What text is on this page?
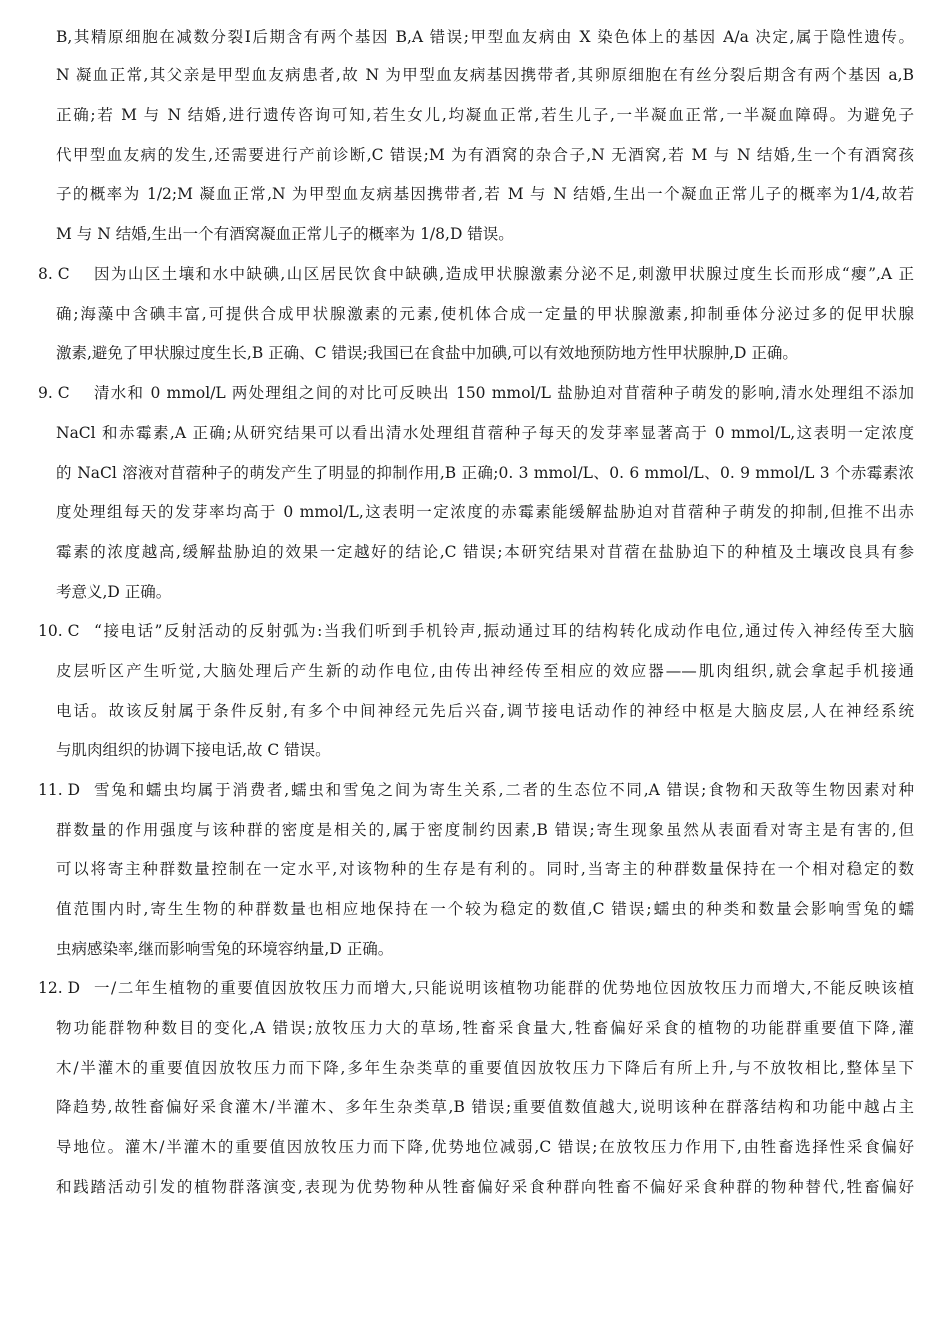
B,其精原细胞在减数分裂Ⅰ后期含有两个基因 B,A 错误;甲型血友病由 X 染色体上的基因 A/a 决定,属于隐性遗传。
N 凝血正常,其父亲是甲型血友病患者,故 N 为甲型血友病基因携带者,其卵原细胞在有丝分裂后期含有两个基因 a,B
正确;若 M 与 N 结婚,进行遗传咨询可知,若生女儿,均凝血正常,若生儿子,一半凝血正常,一半凝血障碍。为避免子
代甲型血友病的发生,还需要进行产前诊断,C 错误;M 为有酒窝的杂合子,N 无酒窝,若 M 与 N 结婚,生一个有酒窝孩
子的概率为 1/2;M 凝血正常,N 为甲型血友病基因携带者,若 M 与 N 结婚,生出一个凝血正常儿子的概率为1/4,故若
M 与 N 结婚,生出一个有酒窝凝血正常儿子的概率为 1/8,D 错误。
8. C 因为山区土壤和水中缺碘,山区居民饮食中缺碘,造成甲状腺激素分泌不足,刺激甲状腺过度生长而形成“瘿”,A 正
确;海藻中含碘丰富,可提供合成甲状腺激素的元素,使机体合成一定量的甲状腺激素,抑制垂体分泌过多的促甲状腺
激素,避免了甲状腺过度生长,B 正确、C 错误;我国已在食盐中加碘,可以有效地预防地方性甲状腺肿,D 正确。
9. C 清水和 0 mmol/L 两处理组之间的对比可反映出 150 mmol/L 盐胁迫对苜蓿种子萌发的影响,清水处理组不添加
NaCl 和赤霉素,A 正确;从研究结果可以看出清水处理组苜蓿种子每天的发芽率显著高于 0 mmol/L,这表明一定浓度
的 NaCl 溶液对苜蓿种子的萌发产生了明显的抑制作用,B 正确;0. 3 mmol/L、0. 6 mmol/L、0. 9 mmol/L 3 个赤霉素浓
度处理组每天的发芽率均高于 0 mmol/L,这表明一定浓度的赤霉素能缓解盐胁迫对苜蓿种子萌发的抑制,但推不出赤
霉素的浓度越高,缓解盐胁迫的效果一定越好的结论,C 错误;本研究结果对苜蓿在盐胁迫下的种植及土壤改良具有参
考意义,D 正确。
10. C “接电话”反射活动的反射弧为:当我们听到手机铃声,振动通过耳的结构转化成动作电位,通过传入神经传至大脑
皮层听区产生听觉,大脑处理后产生新的动作电位,由传出神经传至相应的效应器——肌肉组织,就会拿起手机接通
电话。故该反射属于条件反射,有多个中间神经元先后兴奋,调节接电话动作的神经中枢是大脑皮层,人在神经系统
与肌肉组织的协调下接电话,故 C 错误。
11. D 雪兔和蠕虫均属于消费者,蠕虫和雪兔之间为寄生关系,二者的生态位不同,A 错误;食物和天敌等生物因素对种
群数量的作用强度与该种群的密度是相关的,属于密度制约因素,B 错误;寄生现象虽然从表面看对寄主是有害的,但
可以将寄主种群数量控制在一定水平,对该物种的生存是有利的。同时,当寄主的种群数量保持在一个相对稳定的数
值范围内时,寄生生物的种群数量也相应地保持在一个较为稳定的数值,C 错误;蠕虫的种类和数量会影响雪兔的蠕
虫病感染率,继而影响雪兔的环境容纳量,D 正确。
12. D 一/二年生植物的重要值因放牧压力而增大,只能说明该植物功能群的优势地位因放牧压力而增大,不能反映该植
物功能群物种数目的变化,A 错误;放牧压力大的草场,牲畜采食量大,牲畜偏好采食的植物的功能群重要值下降,灌
木/半灌木的重要值因放牧压力而下降,多年生杂类草的重要值因放牧压力下降后有所上升,与不放牧相比,整体呈下
降趋势,故牲畜偏好采食灌木/半灌木、多年生杂类草,B 错误;重要值数值越大,说明该种在群落结构和功能中越占主
导地位。灌木/半灌木的重要值因放牧压力而下降,优势地位减弱,C 错误;在放牧压力作用下,由牲畜选择性采食偏好
和践踏活动引发的植物群落演变,表现为优势物种从牲畜偏好采食种群向牲畜不偏好采食种群的物种替代,牲畜偏好
